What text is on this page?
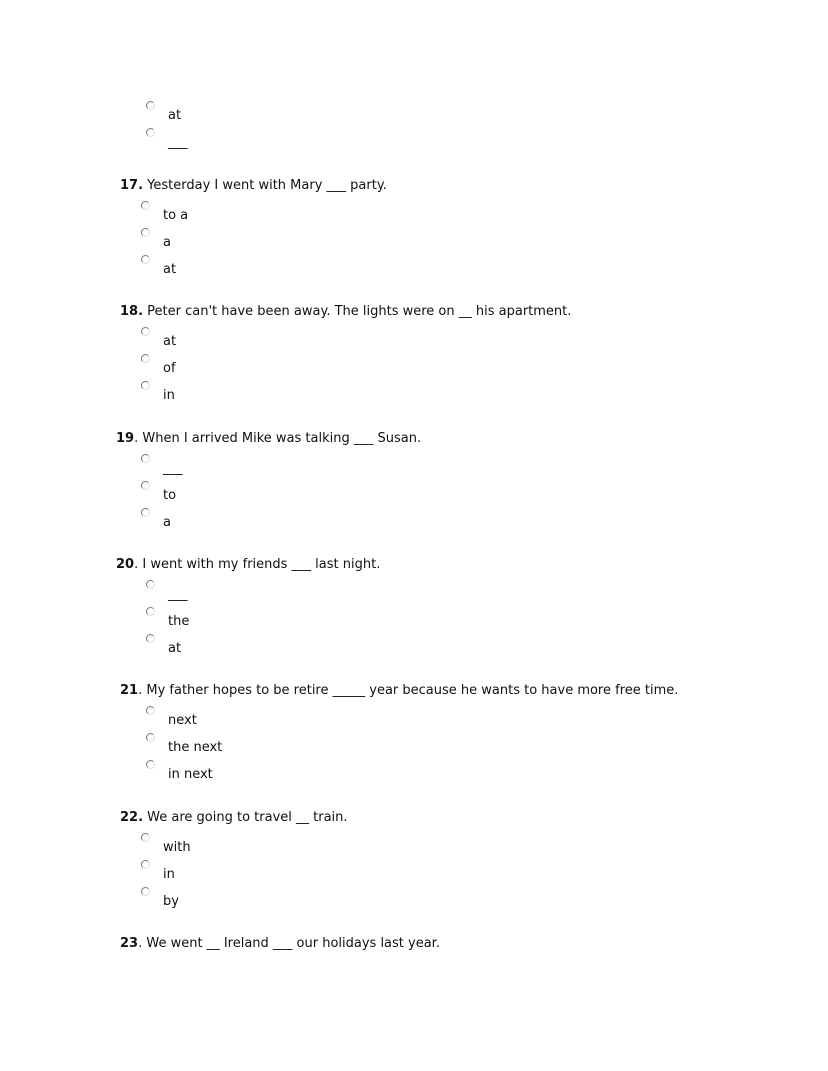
at
___
17. Yesterday I went with Mary ___ party.
to a
a
at
18. Peter can't have been away. The lights were on __ his apartment.
at
of
in
19. When I arrived Mike was talking ___ Susan.
___
to
a
20. I went with my friends ___ last night.
___
the
at
21. My father hopes to be retire _____ year because he wants to have more free time.
next
the next
in next
22. We are going to travel __ train.
with
in
by
23. We went __ Ireland ___ our holidays last year.
